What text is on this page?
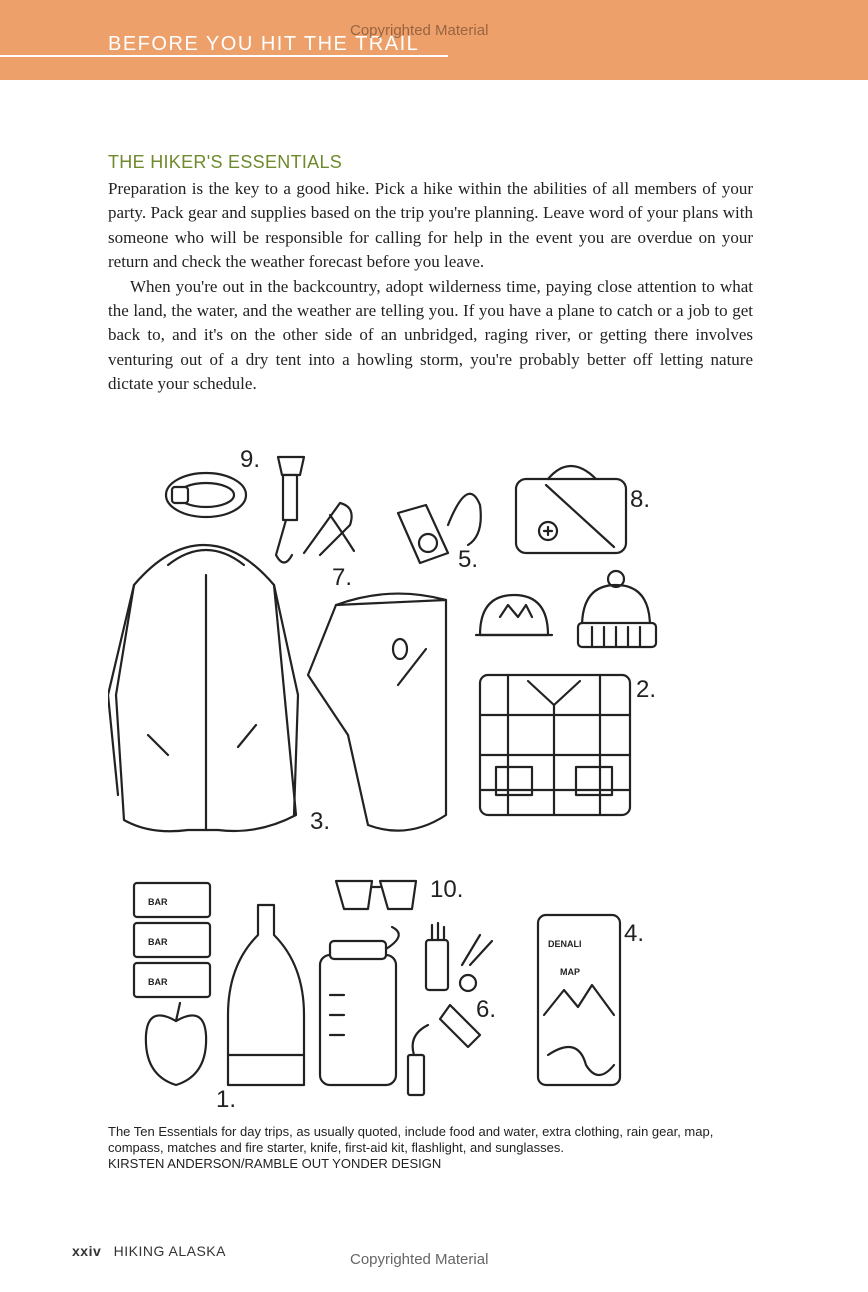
BEFORE YOU HIT THE TRAIL
Copyrighted Material
THE HIKER'S ESSENTIALS

Preparation is the key to a good hike. Pick a hike within the abilities of all members of your party. Pack gear and supplies based on the trip you're planning. Leave word of your plans with someone who will be responsible for calling for help in the event you are overdue on your return and check the weather forecast before you leave.

When you're out in the backcountry, adopt wilderness time, paying close attention to what the land, the water, and the weather are telling you. If you have a plane to catch or a job to get back to, and it's on the other side of an unbridged, raging river, or getting there involves venturing out of a dry tent into a howling storm, you're probably better off letting nature dictate your schedule.

BAR
BAR
BAR
DENALI
MAP
1.
2.
3.
4.
5.
6.
7.
8.
9.
10.

The Ten Essentials for day trips, as usually quoted, include food and water, extra clothing, rain gear, map, compass, matches and fire starter, knife, first-aid kit, flashlight, and sunglasses.

KIRSTEN ANDERSON/RAMBLE OUT YONDER DESIGN

xxiv HIKING ALASKA	Copyrighted Material
